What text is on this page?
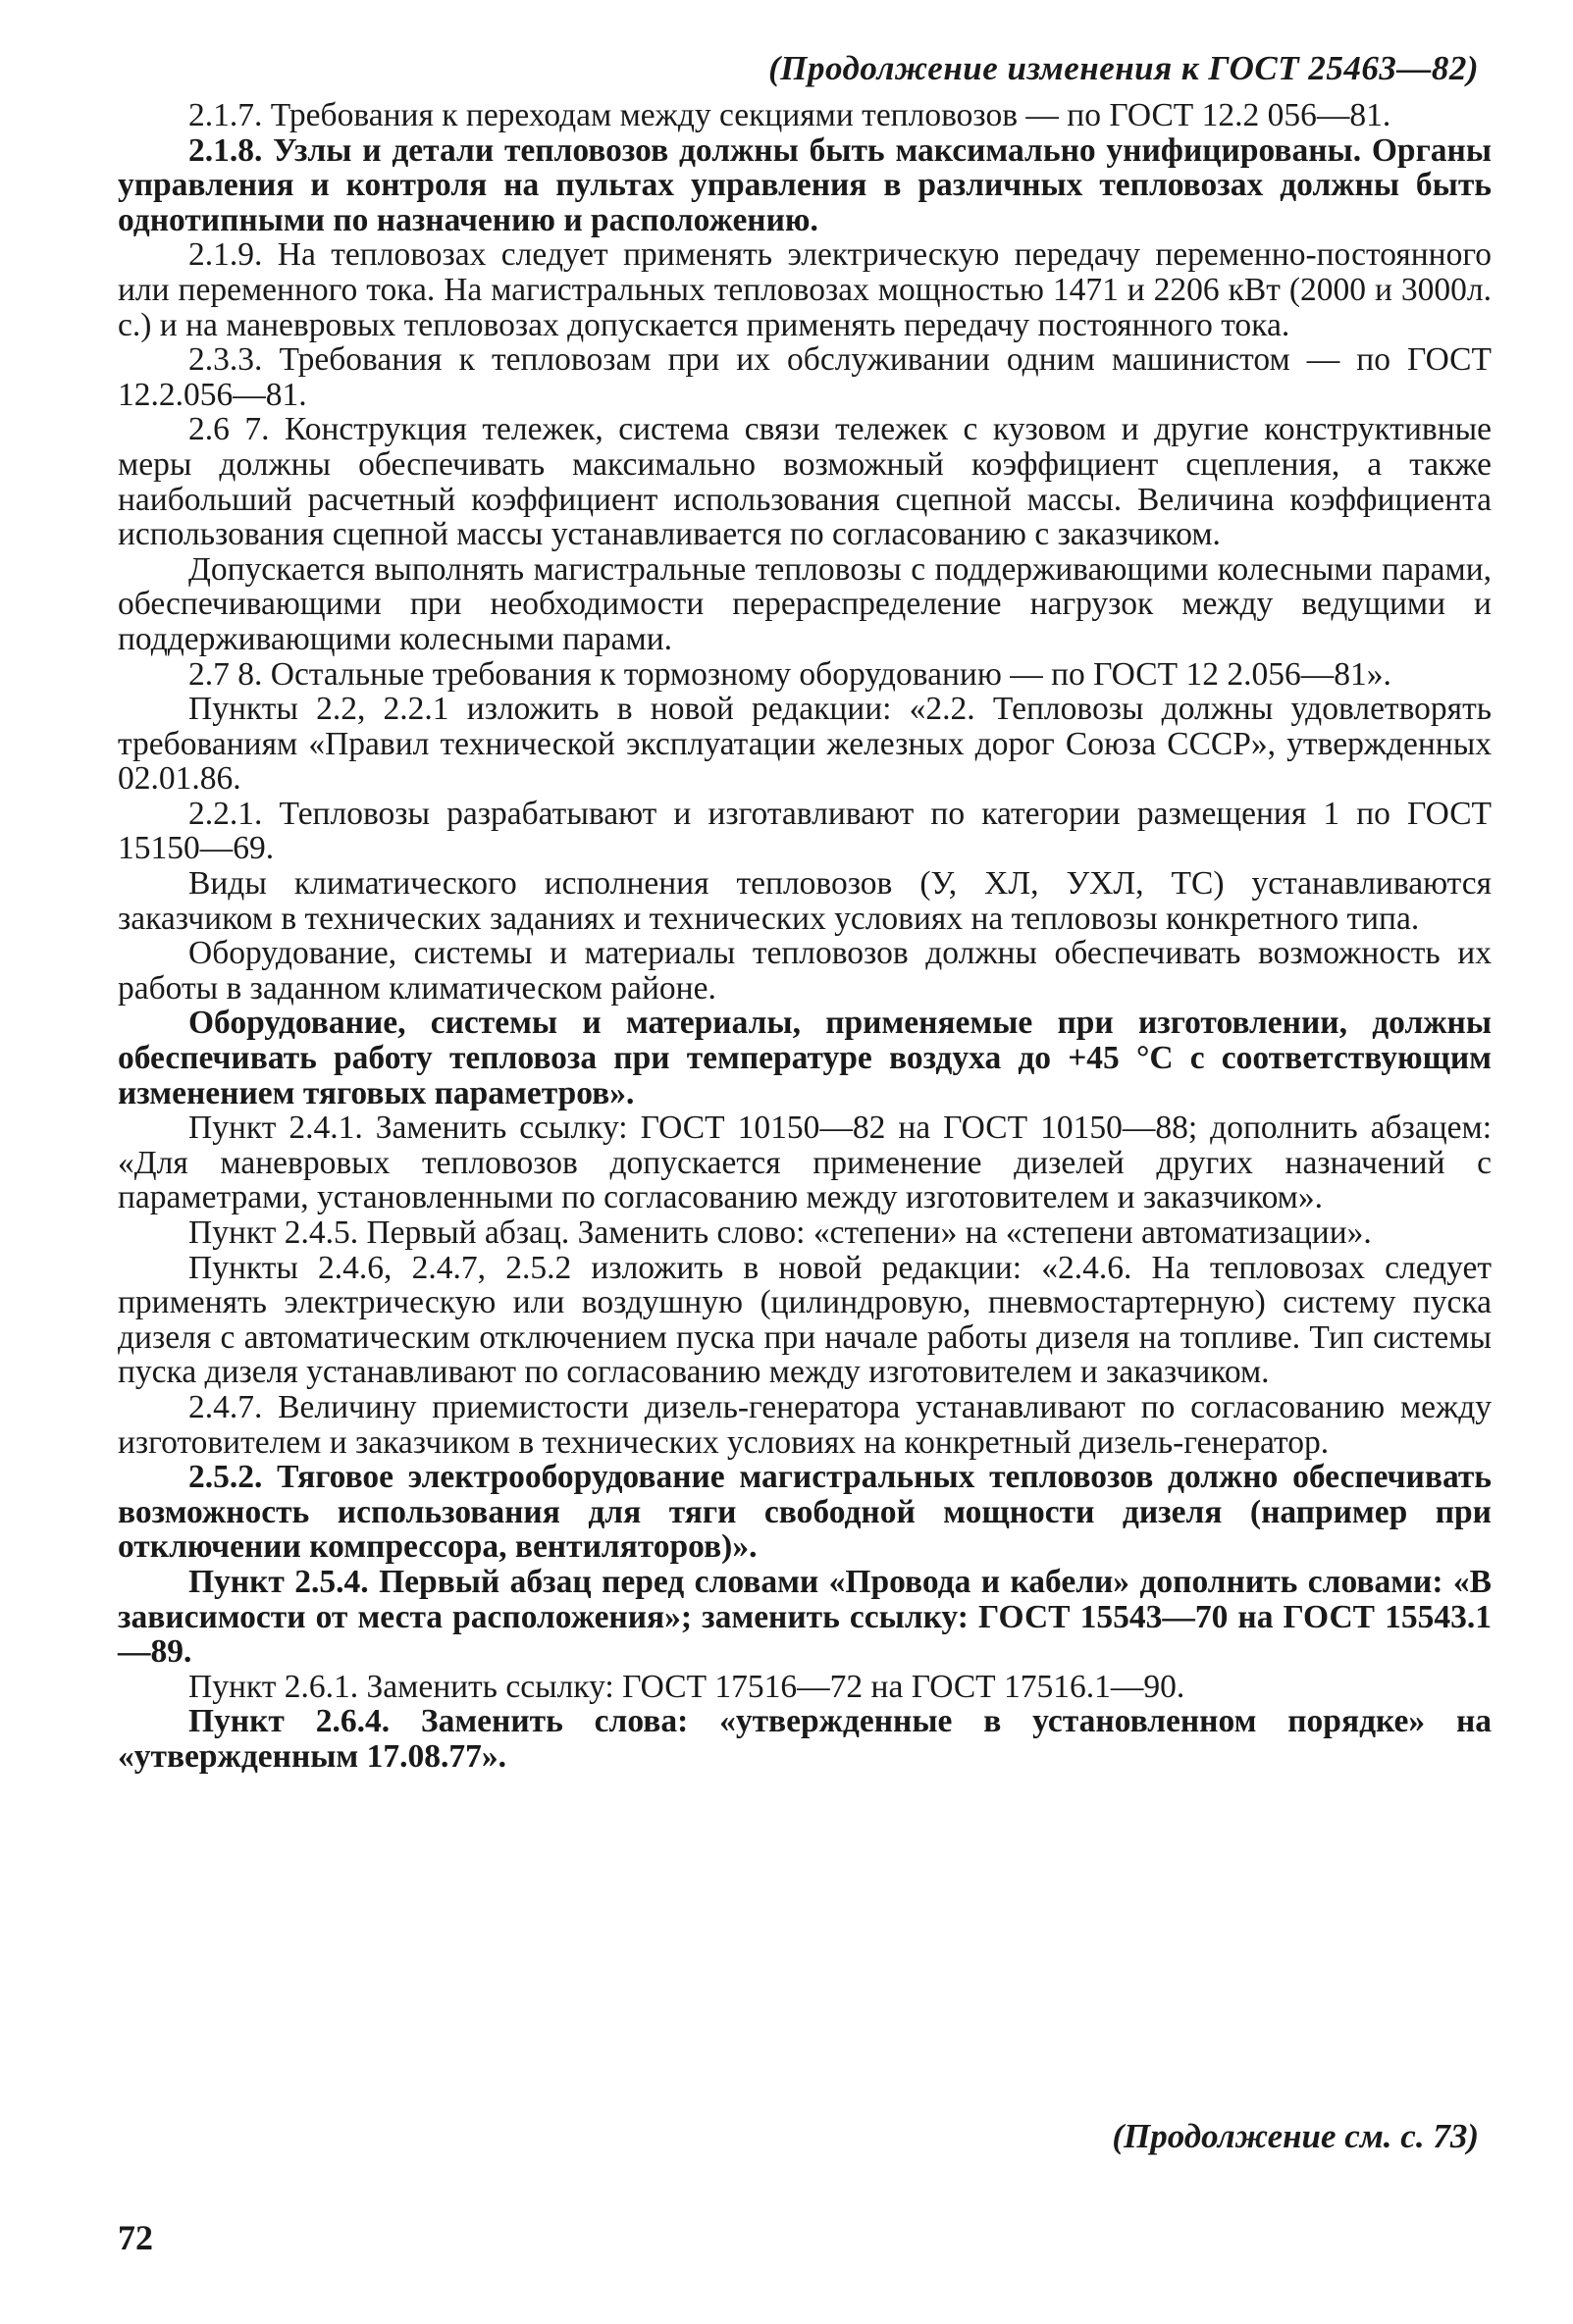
(Продолжение изменения к ГОСТ 25463—82)

2.1.7. Требования к переходам между секциями тепловозов — по ГОСТ 12.2 056—81.

2.1.8. Узлы и детали тепловозов должны быть максимально унифицированы. Органы управления и контроля на пультах управления в различных тепловозах должны быть однотипными по назначению и расположению.

2.1.9. На тепловозах следует применять электрическую передачу переменно-постоянного или переменного тока. На магистральных тепловозах мощностью 1471 и 2206 кВт (2000 и 3000л. с.) и на маневровых тепловозах допускается применять передачу постоянного тока.

2.3.3. Требования к тепловозам при их обслуживании одним машинистом — по ГОСТ 12.2.056—81.

2.6 7. Конструкция тележек, система связи тележек с кузовом и другие конструктивные меры должны обеспечивать максимально возможный коэффициент сцепления, а также наибольший расчетный коэффициент использования сцепной массы. Величина коэффициента использования сцепной массы устанавливается по согласованию с заказчиком.

Допускается выполнять магистральные тепловозы с поддерживающими колесными парами, обеспечивающими при необходимости перераспределение нагрузок между ведущими и поддерживающими колесными парами.

2.7 8. Остальные требования к тормозному оборудованию — по ГОСТ 12 2.056—81».

Пункты 2.2, 2.2.1 изложить в новой редакции: «2.2. Тепловозы должны удовлетворять требованиям «Правил технической эксплуатации железных дорог Союза ССCP», утвержденных 02.01.86.

2.2.1. Тепловозы разрабатывают и изготавливают по категории размещения 1 по ГОСТ 15150—69.

Виды климатического исполнения тепловозов (У, ХЛ, УХЛ, ТС) устанавливаются заказчиком в технических заданиях и технических условиях на тепловозы конкретного типа.

Оборудование, системы и материалы тепловозов должны обеспечивать возможность их работы в заданном климатическом районе.

Оборудование, системы и материалы, применяемые при изготовлении, должны обеспечивать работу тепловоза при температуре воздуха до +45 °С с соответствующим изменением тяговых параметров».

Пункт 2.4.1. Заменить ссылку: ГОСТ 10150—82 на ГОСТ 10150—88; дополнить абзацем: «Для маневровых тепловозов допускается применение дизелей других назначений с параметрами, установленными по согласованию между изготовителем и заказчиком».

Пункт 2.4.5. Первый абзац. Заменить слово: «степени» на «степени автоматизации».

Пункты 2.4.6, 2.4.7, 2.5.2 изложить в новой редакции: «2.4.6. На тепловозах следует применять электрическую или воздушную (цилиндровую, пневмостартерную) систему пуска дизеля с автоматическим отключением пуска при начале работы дизеля на топливе. Тип системы пуска дизеля устанавливают по согласованию между изготовителем и заказчиком.

2.4.7. Величину приемистости дизель-генератора устанавливают по согласованию между изготовителем и заказчиком в технических условиях на конкретный дизель-генератор.

2.5.2. Тяговое электрооборудование магистральных тепловозов должно обеспечивать возможность использования для тяги свободной мощности дизеля (например при отключении компрессора, вентиляторов)».

Пункт 2.5.4. Первый абзац перед словами «Провода и кабели» дополнить словами: «В зависимости от места расположения»; заменить ссылку: ГОСТ 15543—70 на ГОСТ 15543.1—89.

Пункт 2.6.1. Заменить ссылку: ГОСТ 17516—72 на ГОСТ 17516.1—90.

Пункт 2.6.4. Заменить слова: «утвержденные в установленном порядке» на «утвержденным 17.08.77».

(Продолжение см. с. 73)
72
